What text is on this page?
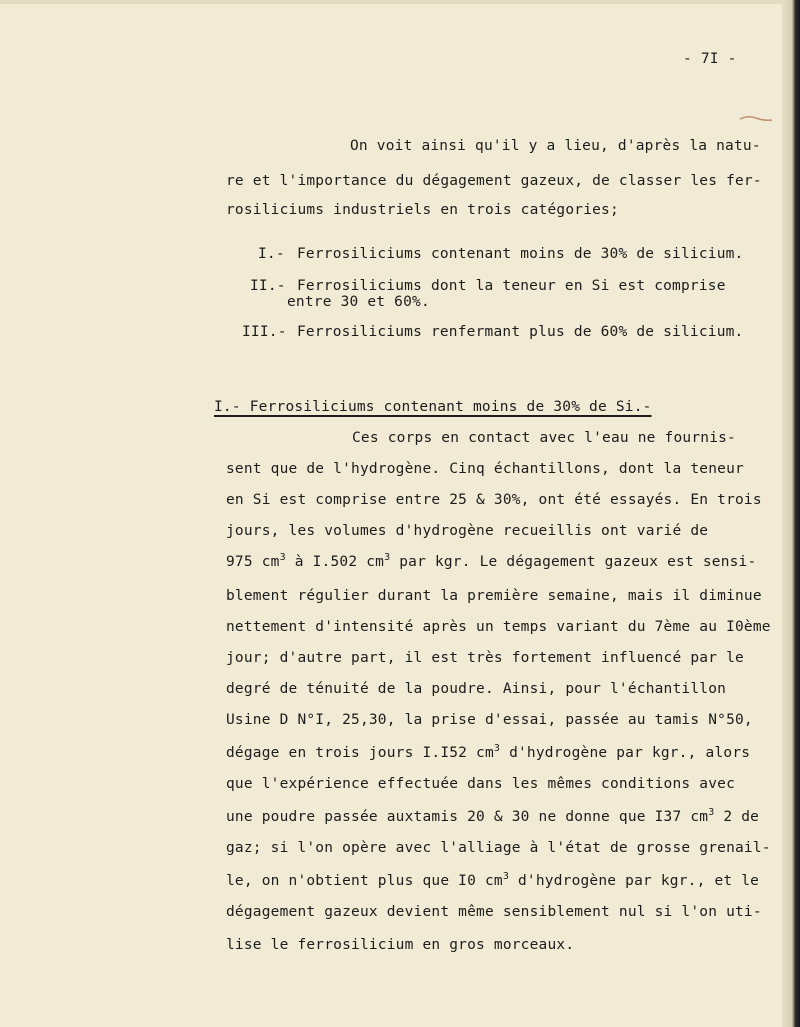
- 7I -
On voit ainsi qu'il y a lieu, d'après la natu-
re et l'importance du dégagement gazeux, de classer les fer-
rosiliciums industriels en trois catégories;
I.- Ferrosiliciums contenant moins de 30% de silicium.
II.- Ferrosiliciums dont la teneur en Si est comprise
entre 30 et 60%.
III.- Ferrosiliciums renfermant plus de 60% de silicium.
I.- Ferrosiliciums contenant moins de 30% de Si.-
Ces corps en contact avec l'eau ne fournis-
sent que de l'hydrogène. Cinq échantillons, dont la teneur
en Si est comprise entre 25 & 30%, ont été essayés. En trois
jours, les volumes d'hydrogène recueillis ont varié de
975 $cm^3$ à I.502 $cm^3$ par kgr. Le dégagement gazeux est sensi-
blement régulier durant la première semaine, mais il diminue
nettement d'intensité après un temps variant du 7ème au I0ème
jour; d'autre part, il est très fortement influencé par le
degré de ténuité de la poudre. Ainsi, pour l'échantillon
Usine D N°I, 25,30, la prise d'essai, passée au tamis N°50,
dégage en trois jours I.I52 $cm^3$ d'hydrogène par kgr., alors
que l'expérience effectuée dans les mêmes conditions avec
une poudre passée auxtamis 20 & 30 ne donne que I37 $cm^3$ 2 de
gaz; si l'on opère avec l'alliage à l'état de grosse grenail-
le, on n'obtient plus que I0 $cm^3$ d'hydrogène par kgr., et le
dégagement gazeux devient même sensiblement nul si l'on uti-
lise le ferrosilicium en gros morceaux.
